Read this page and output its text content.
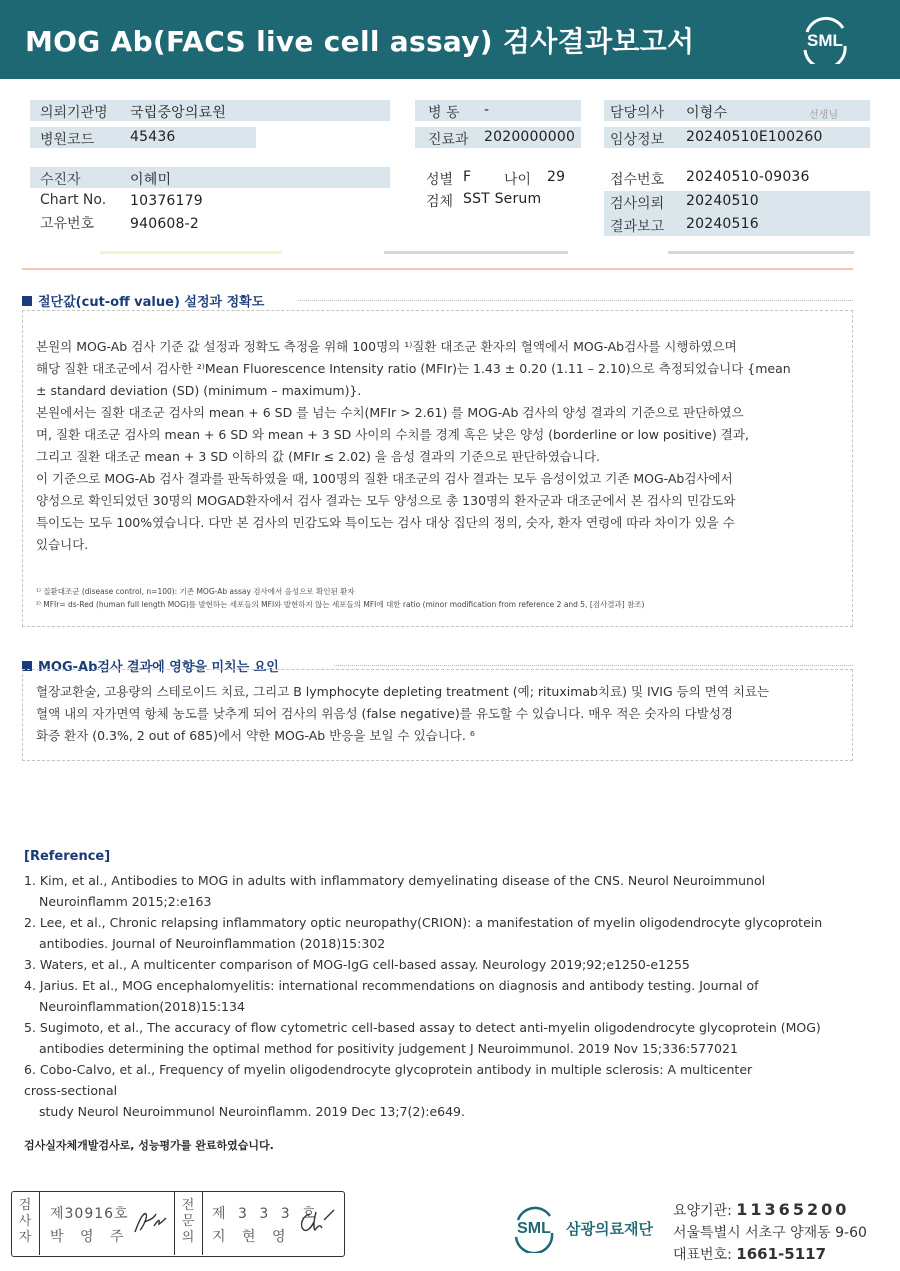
MOG Ab(FACS live cell assay) 검사결과보고서	SML
의뢰기관명 국립중앙의료원
병원코드	45436
수진자	이혜미
Chart No. 10376179
고유번호	940608-2
병 동 -
진료과 2020000000
성별 F 나이 29
검체 SST Serum
담당의사 이형수	선생님
임상정보 20240510E100260
접수번호 20240510-09036
검사의뢰 20240510
결과보고 20240516
절단값(cut-off value) 설정과 정확도
본원의 MOG-Ab 검사 기준 값 설정과 정확도 측정을 위해 100명의 ¹⁾질환 대조군 환자의 혈액에서 MOG-Ab검사를 시행하였으며
해당 질환 대조군에서 검사한 ²⁾Mean Fluorescence Intensity ratio (MFIr)는 1.43 ± 0.20 (1.11 – 2.10)으로 측정되었습니다 {mean
± standard deviation (SD) (minimum – maximum)}.
본원에서는 질환 대조군 검사의 mean + 6 SD 를 넘는 수치(MFIr > 2.61) 를 MOG-Ab 검사의 양성 결과의 기준으로 판단하였으
며, 질환 대조군 검사의 mean + 6 SD 와 mean + 3 SD 사이의 수치를 경계 혹은 낮은 양성 (borderline or low positive) 결과,
그리고 질환 대조군 mean + 3 SD 이하의 값 (MFIr ≤ 2.02) 을 음성 결과의 기준으로 판단하였습니다.
이 기준으로 MOG-Ab 검사 결과를 판독하였을 때, 100명의 질환 대조군의 검사 결과는 모두 음성이었고 기존 MOG-Ab검사에서
양성으로 확인되었던 30명의 MOGAD환자에서 검사 결과는 모두 양성으로 총 130명의 환자군과 대조군에서 본 검사의 민감도와
특이도는 모두 100%였습니다. 다만 본 검사의 민감도와 특이도는 검사 대상 집단의 정의, 숫자, 환자 연령에 따라 차이가 있을 수
있습니다.
¹⁾ 질환대조군 (disease control, n=100): 기존 MOG-Ab assay 검사에서 음성으로 확인된 환자
²⁾ MFIr= ds-Red (human full length MOG)를 발현하는 세포들의 MFI와 발현하지 않는 세포들의 MFI에 대한 ratio (minor modification from reference 2 and 5, [검사결과] 참조)
MOG-Ab검사 결과에 영향을 미치는 요인
혈장교환술, 고용량의 스테로이드 치료, 그리고 B lymphocyte depleting treatment (예; rituximab치료) 및 IVIG 등의 면역 치료는
혈액 내의 자가면역 항체 농도를 낮추게 되어 검사의 위음성 (false negative)를 유도할 수 있습니다. 매우 적은 숫자의 다발성경
화증 환자 (0.3%, 2 out of 685)에서 약한 MOG-Ab 반응을 보일 수 있습니다. ⁶
[Reference]
1. Kim, et al., Antibodies to MOG in adults with inflammatory demyelinating disease of the CNS. Neurol Neuroimmunol
Neuroinflamm 2015;2:e163
2. Lee, et al., Chronic relapsing inflammatory optic neuropathy(CRION): a manifestation of myelin oligodendrocyte glycoprotein
antibodies. Journal of Neuroinflammation (2018)15:302
3. Waters, et al., A multicenter comparison of MOG-IgG cell-based assay. Neurology 2019;92;e1250-e1255
4. Jarius. Et al., MOG encephalomyelitis: international recommendations on diagnosis and antibody testing. Journal of
Neuroinflammation(2018)15:134
5. Sugimoto, et al., The accuracy of flow cytometric cell-based assay to detect anti-myelin oligodendrocyte glycoprotein (MOG)
antibodies determining the optimal method for positivity judgement J Neuroimmunol. 2019 Nov 15;336:577021
6. Cobo-Calvo, et al., Frequency of myelin oligodendrocyte glycoprotein antibody in multiple sclerosis: A multicenter
cross-sectional
study Neurol Neuroimmunol Neuroinflamm. 2019 Dec 13;7(2):e649.
검사실자체개발검사로, 성능평가를 완료하였습니다.
검사자
제30916호
박 영 주
전문의
제 3 3 3 호
지 현 영	SML 삼광의료재단
요양기관: 11365200
서울특별시 서초구 양재동 9-60
대표번호: 1661-5117
